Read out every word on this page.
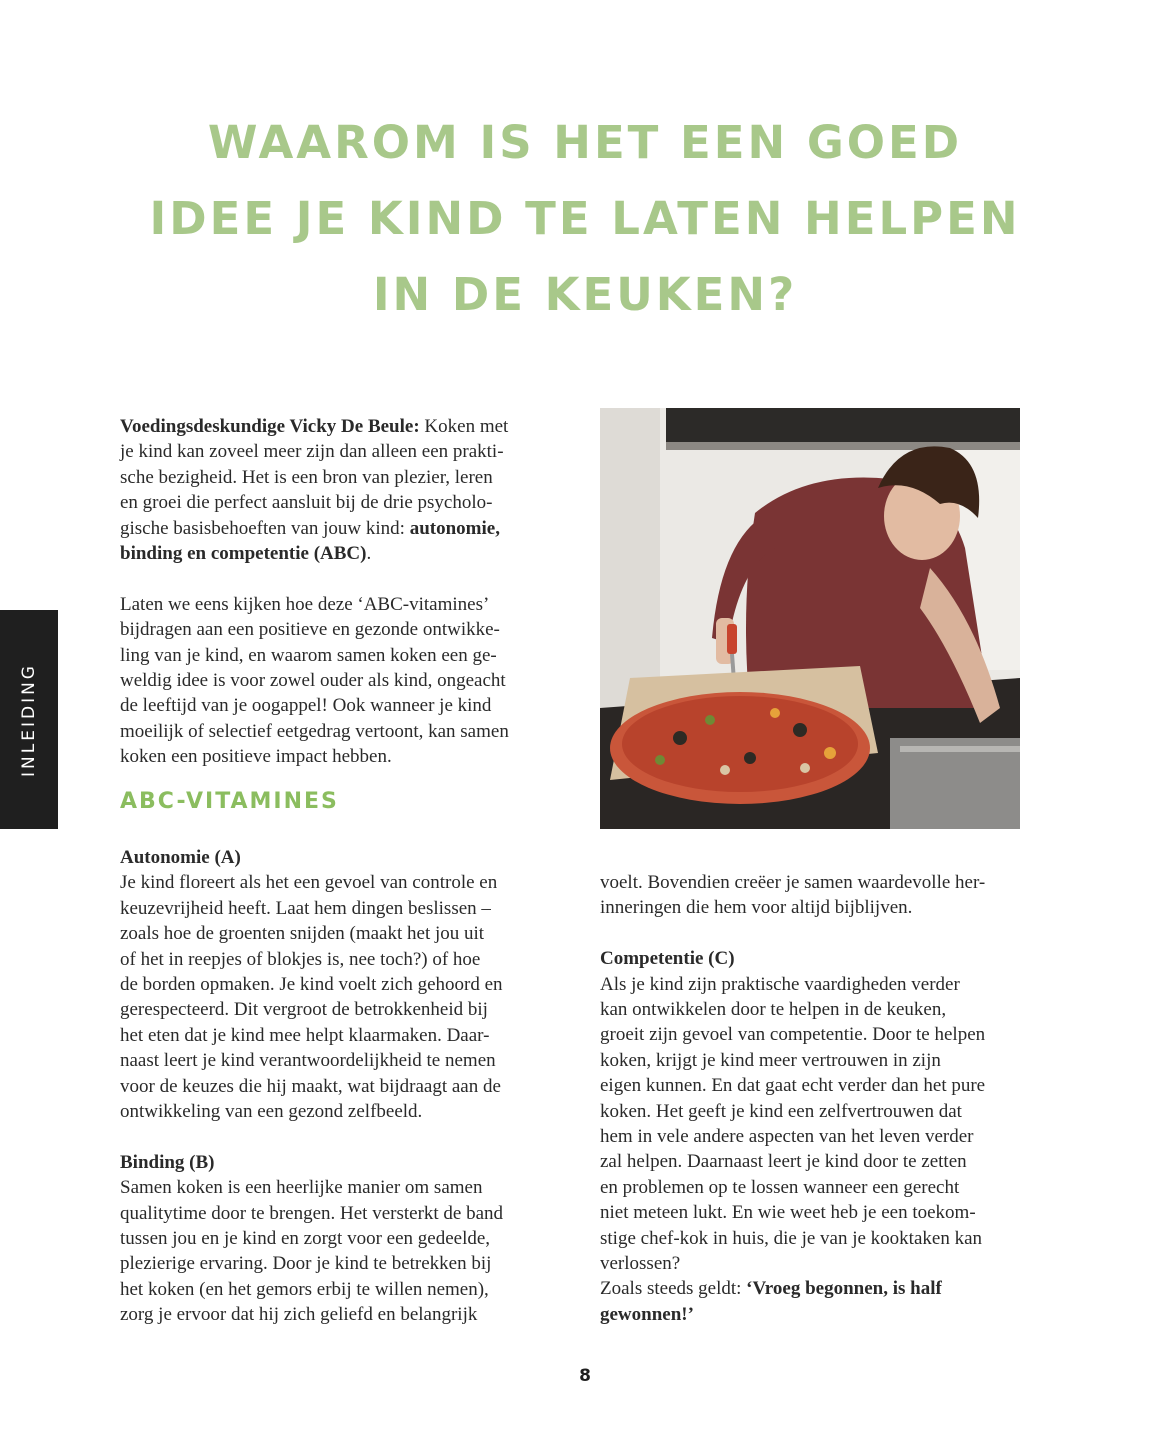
WAAROM IS HET EEN GOED
IDEE JE KIND TE LATEN HELPEN
IN DE KEUKEN?
INLEIDING
Voedingsdeskundige Vicky De Beule: Koken met
je kind kan zoveel meer zijn dan alleen een prakti-
sche bezigheid. Het is een bron van plezier, leren
en groei die perfect aansluit bij de drie psycholo-
gische basisbehoeften van jouw kind: autonomie,
binding en competentie (ABC).
Laten we eens kijken hoe deze ‘ABC-vitamines’
bijdragen aan een positieve en gezonde ontwikke-
ling van je kind, en waarom samen koken een ge-
weldig idee is voor zowel ouder als kind, ongeacht
de leeftijd van je oogappel! Ook wanneer je kind
moeilijk of selectief eetgedrag vertoont, kan samen
koken een positieve impact hebben.
ABC-VITAMINES
Autonomie (A)
Je kind floreert als het een gevoel van controle en
keuzevrijheid heeft. Laat hem dingen beslissen –
zoals hoe de groenten snijden (maakt het jou uit
of het in reepjes of blokjes is, nee toch?) of hoe
de borden opmaken. Je kind voelt zich gehoord en
gerespecteerd. Dit vergroot de betrokkenheid bij
het eten dat je kind mee helpt klaarmaken. Daar-
naast leert je kind verantwoordelijkheid te nemen
voor de keuzes die hij maakt, wat bijdraagt aan de
ontwikkeling van een gezond zelfbeeld.
Binding (B)
Samen koken is een heerlijke manier om samen
qualitytime door te brengen. Het versterkt de band
tussen jou en je kind en zorgt voor een gedeelde,
plezierige ervaring. Door je kind te betrekken bij
het koken (en het gemors erbij te willen nemen),
zorg je ervoor dat hij zich geliefd en belangrijk
voelt. Bovendien creëer je samen waardevolle her-
inneringen die hem voor altijd bijblijven.
Competentie (C)
Als je kind zijn praktische vaardigheden verder
kan ontwikkelen door te helpen in de keuken,
groeit zijn gevoel van competentie. Door te helpen
koken, krijgt je kind meer vertrouwen in zijn
eigen kunnen. En dat gaat echt verder dan het pure
koken. Het geeft je kind een zelfvertrouwen dat
hem in vele andere aspecten van het leven verder
zal helpen. Daarnaast leert je kind door te zetten
en problemen op te lossen wanneer een gerecht
niet meteen lukt. En wie weet heb je een toekom-
stige chef-kok in huis, die je van je kooktaken kan
verlossen?
Zoals steeds geldt: ‘Vroeg begonnen, is half
gewonnen!’
8
